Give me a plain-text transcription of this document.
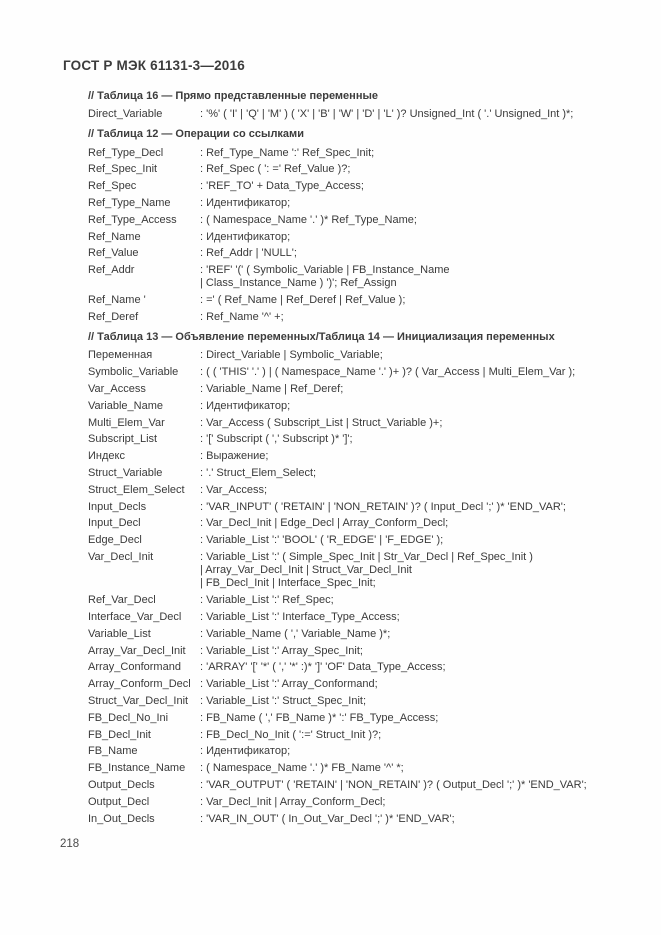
ГОСТ Р МЭК 61131-3—2016
// Таблица 16 — Прямо представленные переменные
Direct_Variable	: '%' ( 'I' | 'Q' | 'M' ) ( 'X' | 'B' | 'W' | 'D' | 'L' )? Unsigned_Int ( '.' Unsigned_Int )*;
// Таблица 12 — Операции со ссылками
Ref_Type_Decl	: Ref_Type_Name ':' Ref_Spec_Init;
Ref_Spec_Init	: Ref_Spec ( ': =' Ref_Value )?;
Ref_Spec	: 'REF_TO' + Data_Type_Access;
Ref_Type_Name	: Идентификатор;
Ref_Type_Access	: ( Namespace_Name '.' )* Ref_Type_Name;
Ref_Name	: Идентификатор;
Ref_Value	: Ref_Addr | 'NULL';
Ref_Addr	: 'REF' '(' ( Symbolic_Variable | FB_Instance_Name
| Class_Instance_Name ) ')'; Ref_Assign
Ref_Name '	: =' ( Ref_Name | Ref_Deref | Ref_Value );
Ref_Deref	: Ref_Name '^' +;
// Таблица 13 — Объявление переменных/Таблица 14 — Инициализация переменных
Переменная	: Direct_Variable | Symbolic_Variable;
Symbolic_Variable	: ( ( 'THIS' '.' ) | ( Namespace_Name '.' )+ )? ( Var_Access | Multi_Elem_Var );
Var_Access	: Variable_Name | Ref_Deref;
Variable_Name	: Идентификатор;
Multi_Elem_Var	: Var_Access ( Subscript_List | Struct_Variable )+;
Subscript_List	: '[' Subscript ( ',' Subscript )* ']';
Индекс	: Выражение;
Struct_Variable	: '.' Struct_Elem_Select;
Struct_Elem_Select	: Var_Access;
Input_Decls	: 'VAR_INPUT' ( 'RETAIN' | 'NON_RETAIN' )? ( Input_Decl ';' )* 'END_VAR';
Input_Decl	: Var_Decl_Init | Edge_Decl | Array_Conform_Decl;
Edge_Decl	: Variable_List ':' 'BOOL' ( 'R_EDGE' | 'F_EDGE' );
Var_Decl_Init	: Variable_List ':' ( Simple_Spec_Init | Str_Var_Decl | Ref_Spec_Init )
| Array_Var_Decl_Init | Struct_Var_Decl_Init
| FB_Decl_Init | Interface_Spec_Init;
Ref_Var_Decl	: Variable_List ':' Ref_Spec;
Interface_Var_Decl	: Variable_List ':' Interface_Type_Access;
Variable_List	: Variable_Name ( ',' Variable_Name )*;
Array_Var_Decl_Init	: Variable_List ':' Array_Spec_Init;
Array_Conformand	: 'ARRAY' '[' '*' ( ',' '*' :)* ']' 'OF' Data_Type_Access;
Array_Conform_Decl : Variable_List ':' Array_Conformand;
Struct_Var_Decl_Init	: Variable_List ':' Struct_Spec_Init;
FB_Decl_No_Ini	: FB_Name ( ',' FB_Name )* ':' FB_Type_Access;
FB_Decl_Init	: FB_Decl_No_Init ( ':=' Struct_Init )?;
FB_Name	: Идентификатор;
FB_Instance_Name	: ( Namespace_Name '.' )* FB_Name '^' *;
Output_Decls	: 'VAR_OUTPUT' ( 'RETAIN' | 'NON_RETAIN' )? ( Output_Decl ';' )* 'END_VAR';
Output_Decl	: Var_Decl_Init | Array_Conform_Decl;
In_Out_Decls	: 'VAR_IN_OUT' ( In_Out_Var_Decl ';' )* 'END_VAR';
218
